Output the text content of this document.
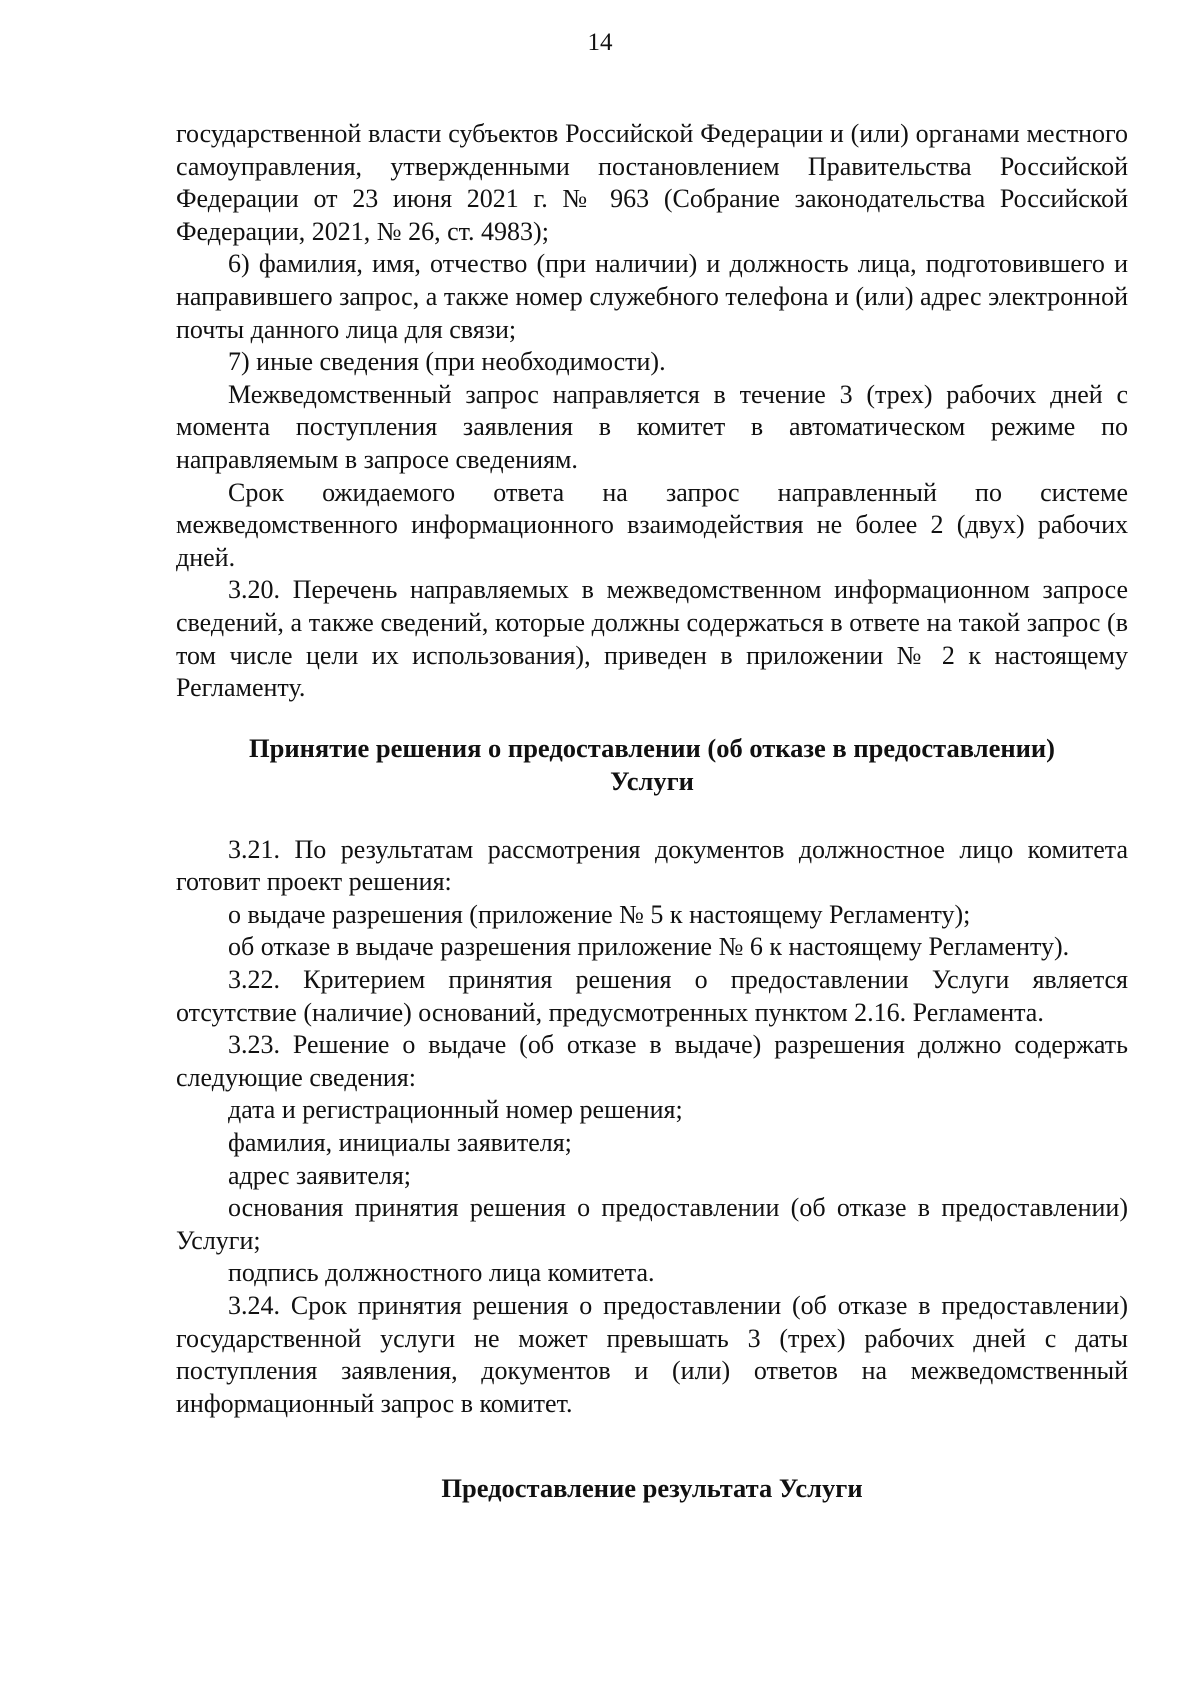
14

государственной власти субъектов Российской Федерации и (или) органами местного самоуправления, утвержденными постановлением Правительства Российской Федерации от 23 июня 2021 г. № 963 (Собрание законодательства Российской Федерации, 2021, № 26, ст. 4983);

6) фамилия, имя, отчество (при наличии) и должность лица, подготовившего и направившего запрос, а также номер служебного телефона и (или) адрес электронной почты данного лица для связи;

7) иные сведения (при необходимости).

Межведомственный запрос направляется в течение 3 (трех) рабочих дней с момента поступления заявления в комитет в автоматическом режиме по направляемым в запросе сведениям.

Срок ожидаемого ответа на запрос направленный по системе межведомственного информационного взаимодействия не более 2 (двух) рабочих дней.

3.20. Перечень направляемых в межведомственном информационном запросе сведений, а также сведений, которые должны содержаться в ответе на такой запрос (в том числе цели их использования), приведен в приложении № 2 к настоящему Регламенту.

Принятие решения о предоставлении (об отказе в предоставлении)
Услуги

3.21. По результатам рассмотрения документов должностное лицо комитета готовит проект решения:

о выдаче разрешения (приложение № 5 к настоящему Регламенту);

об отказе в выдаче разрешения приложение № 6 к настоящему Регламенту).

3.22. Критерием принятия решения о предоставлении Услуги является отсутствие (наличие) оснований, предусмотренных пунктом 2.16. Регламента.

3.23. Решение о выдаче (об отказе в выдаче) разрешения должно содержать следующие сведения:

дата и регистрационный номер решения;

фамилия, инициалы заявителя;

адрес заявителя;

основания принятия решения о предоставлении (об отказе в предоставлении) Услуги;

подпись должностного лица комитета.

3.24. Срок принятия решения о предоставлении (об отказе в предоставлении) государственной услуги не может превышать 3 (трех) рабочих дней с даты поступления заявления, документов и (или) ответов на межведомственный информационный запрос в комитет.

Предоставление результата Услуги
